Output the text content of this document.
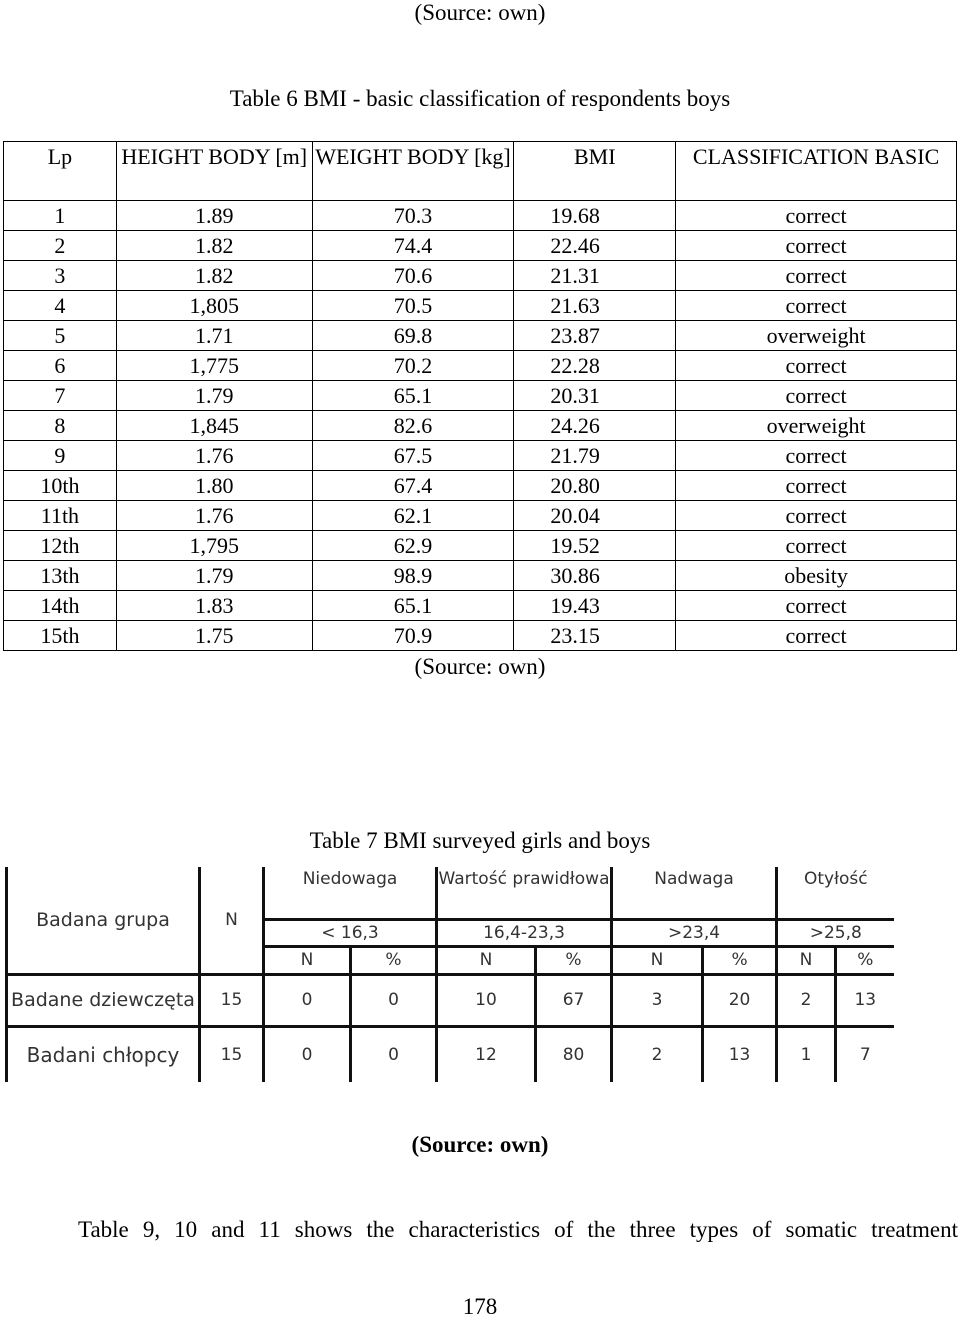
(Source: own)
Table 6 BMI - basic classification of respondents boys
Lp	HEIGHT BODY [m]	WEIGHT BODY [kg]	BMI	CLASSIFICATION BASIC
1	1.89	70.3	19.68	correct
2	1.82	74.4	22.46	correct
3	1.82	70.6	21.31	correct
4	1,805	70.5	21.63	correct
5	1.71	69.8	23.87	overweight
6	1,775	70.2	22.28	correct
7	1.79	65.1	20.31	correct
8	1,845	82.6	24.26	overweight
9	1.76	67.5	21.79	correct
10th	1.80	67.4	20.80	correct
11th	1.76	62.1	20.04	correct
12th	1,795	62.9	19.52	correct
13th	1.79	98.9	30.86	obesity
14th	1.83	65.1	19.43	correct
15th	1.75	70.9	23.15	correct
(Source: own)
Table 7 BMI surveyed girls and boys
Badana grupa	N	Niedowaga		Wartość prawidłowa		Nadwaga		Otyłość	
		< 16,3		16,4-23,3		>23,4		>25,8	
		N	%	N	%	N	%	N	%
Badane dziewczęta	15	0	0	10	67	3	20	2	13
Badani chłopcy	15	0	0	12	80	2	13	1	7
(Source: own)
Table 9, 10 and 11 shows the characteristics of the three types of somatic treatment
178
